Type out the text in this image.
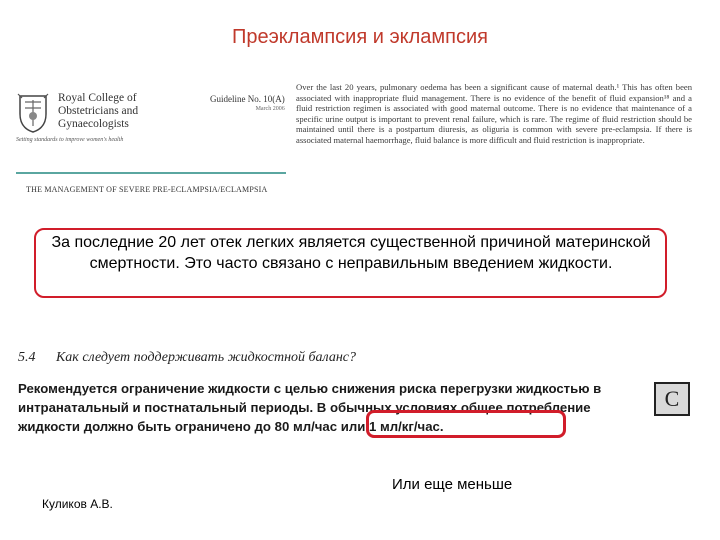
Преэклампсия и эклампсия
Royal College of
Obstetricians and
Gynaecologists
Setting standards to improve women's health
Guideline No. 10(A)
March 2006
THE MANAGEMENT OF SEVERE PRE-ECLAMPSIA/ECLAMPSIA
Over the last 20 years, pulmonary oedema has been a significant cause of maternal death.¹ This has often been associated with inappropriate fluid management. There is no evidence of the benefit of fluid expansion¹⁸ and a fluid restriction regimen is associated with good maternal outcome. There is no evidence that maintenance of a specific urine output is important to prevent renal failure, which is rare. The regime of fluid restriction should be maintained until there is a postpartum diuresis, as oliguria is common with severe pre-eclampsia. If there is associated maternal haemorrhage, fluid balance is more difficult and fluid restriction is inappropriate.
За последние 20 лет отек легких является существенной причиной материнской смертности. Это часто связано с неправильным введением жидкости.
5.4 Как следует поддерживать жидкостной баланс?
Рекомендуется ограничение жидкости с целью снижения риска перегрузки жидкостью в интранатальный и постнатальный периоды. В обычных условиях общее потребление жидкости должно быть ограничено до 80 мл/час или 1 мл/кг/час.
C
Или еще меньше
Куликов А.В.
